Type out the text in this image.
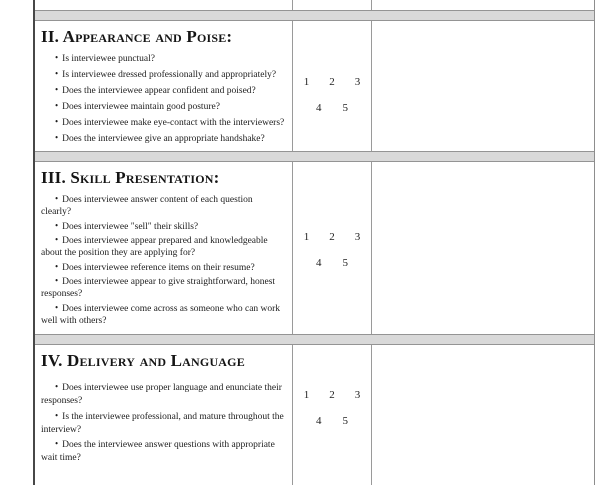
II. Appearance and Poise:
• Is interviewee punctual?
• Is interviewee dressed professionally and appropriately?
• Does the interviewee appear confident and poised?
• Does interviewee maintain good posture?
• Does interviewee make eye-contact with the interviewers?
• Does the interviewee give an appropriate handshake?
1 2 3
4 5
III. Skill Presentation:
• Does interviewee answer content of each question clearly?
• Does interviewee "sell" their skills?
• Does interviewee appear prepared and knowledgeable about the position they are applying for?
• Does interviewee reference items on their resume?
• Does interviewee appear to give straightforward, honest responses?
• Does interviewee come across as someone who can work well with others?
1 2 3
4 5
IV. Delivery and Language
• Does interviewee use proper language and enunciate their responses?
• Is the interviewee professional, and mature throughout the interview?
• Does the interviewee answer questions with appropriate wait time?
1 2 3
4 5
